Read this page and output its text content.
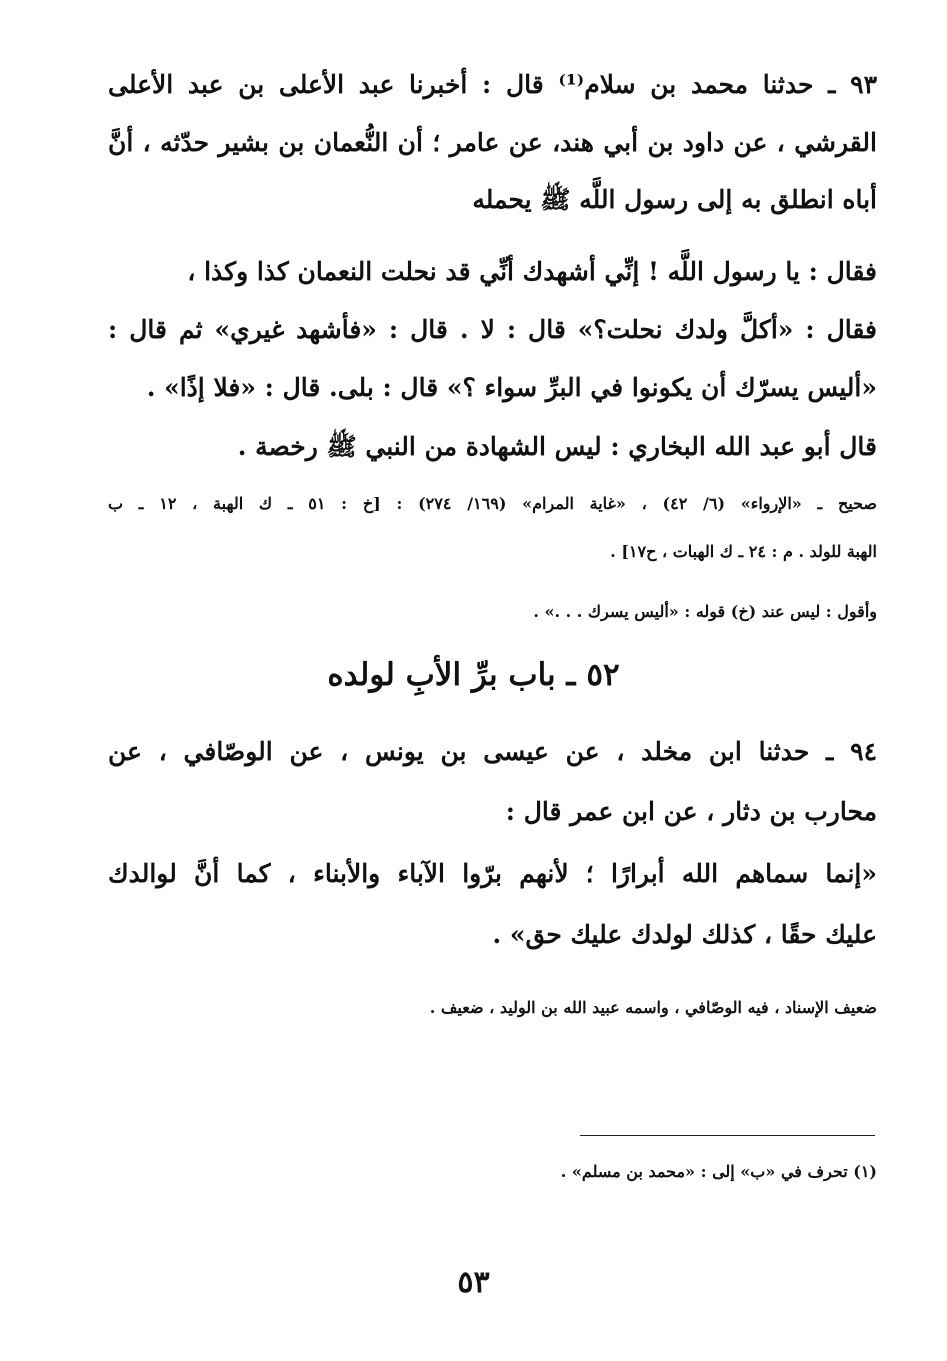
٩٣ ـ حدثنا محمد بن سلام⁽¹⁾ قال : أخبرنا عبد الأعلى بن عبد الأعلى
القرشي ، عن داود بن أبي هند، عن عامر ؛ أن النُّعمان بن بشير حدّثه ، أنَّ
أباه انطلق به إلى رسول اللَّه ﷺ يحمله
فقال : يا رسول اللَّه ! إنِّي أشهدك أنِّي قد نحلت النعمان كذا وكذا ،
فقال : «أكلَّ ولدك نحلت؟» قال : لا . قال : «فأشهد غيري» ثم قال :
«أليس يسرّك أن يكونوا في البرِّ سواء ؟» قال : بلى. قال : «فلا إذًا» .
قال أبو عبد الله البخاري : ليس الشهادة من النبي ﷺ رخصة .
صحيح ـ «الإرواء» (٦/ ٤٢) ، «غاية المرام» (١٦٩/ ٢٧٤) : [خ : ٥١ ـ ك الهبة ، ١٢ ـ ب
الهبة للولد . م : ٢٤ ـ ك الهبات ، ح١٧] .
وأقول : ليس عند (خ) قوله : «أليس يسرك . . .» .
٥٢ ـ باب برِّ الأبِ لولده
٩٤ ـ حدثنا ابن مخلد ، عن عيسى بن يونس ، عن الوصّافي ، عن
محارب بن دثار ، عن ابن عمر قال :
«إنما سماهم الله أبرارًا ؛ لأنهم برّوا الآباء والأبناء ، كما أنَّ لوالدك
عليك حقًا ، كذلك لولدك عليك حق» .
ضعيف الإسناد ، فيه الوصّافي ، واسمه عبيد الله بن الوليد ، ضعيف .
(١) تحرف في «ب» إلى : «محمد بن مسلم» .
٥٣
